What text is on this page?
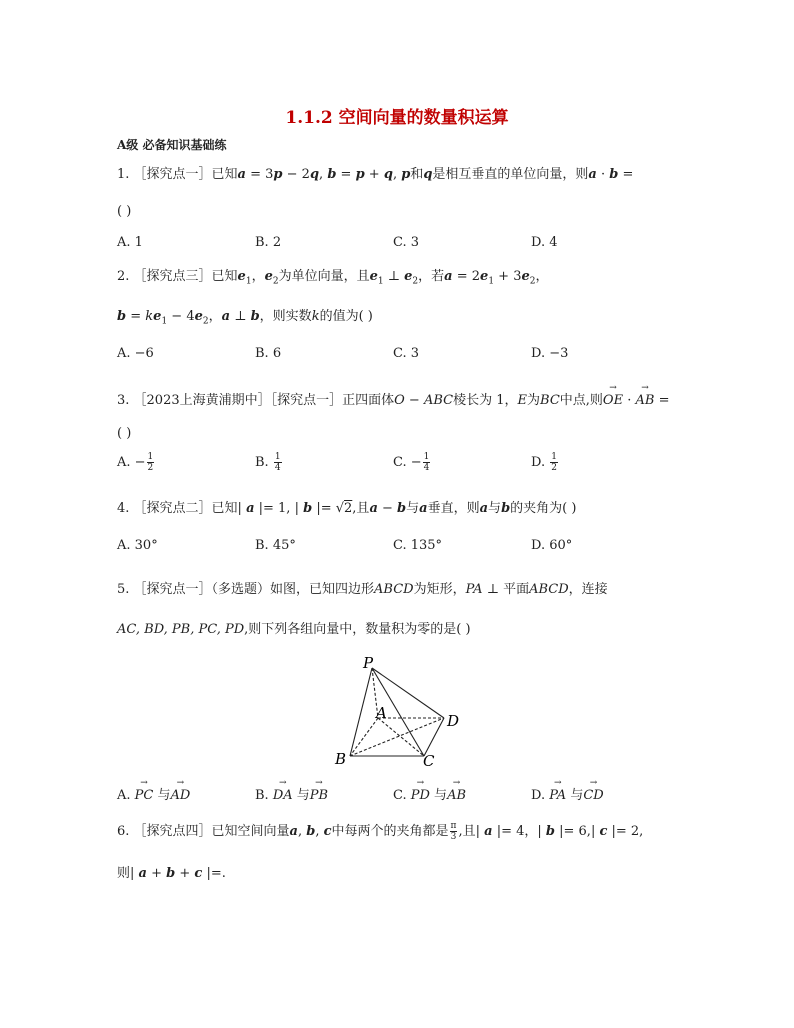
1.1.2 空间向量的数量积运算
A级 必备知识基础练
1. ［探究点一］已知a = 3p − 2q, b = p + q, p和q是相互垂直的单位向量，则a · b =
( )
A. 1	B. 2	C. 3	D. 4
2. ［探究点三］已知$e_1$，$e_2$为单位向量，且$e_1$ ⊥ $e_2$，若$a = 2e_1 + 3e_2$，
$b = ke_1 - 4e_2$，a ⊥ b，则实数k的值为( )
A. −6	B. 6	C. 3	D. −3
3. ［2023上海黄浦期中］［探究点一］正四面体O − ABC棱长为 1，E为BC中点,则→ OE · → AB =
( )
A. − $\frac{1}{2}$	B. $\frac{1}{4}$	C. − $\frac{1}{4}$	D. $\frac{1}{2}$
4. ［探究点二］已知| a |= 1, | b |= √2,且a − b与a垂直，则a与b的夹角为( )
A. 30°	B. 45°	C. 135°	D. 60°
5. ［探究点一］（多选题）如图，已知四边形ABCD为矩形，PA ⊥ 平面ABCD，连接
AC, BD, PB, PC, PD,则下列各组向量中，数量积为零的是( )
P
A
B	C
D
A. → PC 与→ AD	B. → DA 与→ PB	C. → PD 与→ AB	D. → PA 与→ CD
6. ［探究点四］已知空间向量a, b, c中每两个的夹角都是 $\frac{\pi}{3}$ ,且| a |= 4，| b |= 6,| c |= 2,
则| a + b + c |=.
